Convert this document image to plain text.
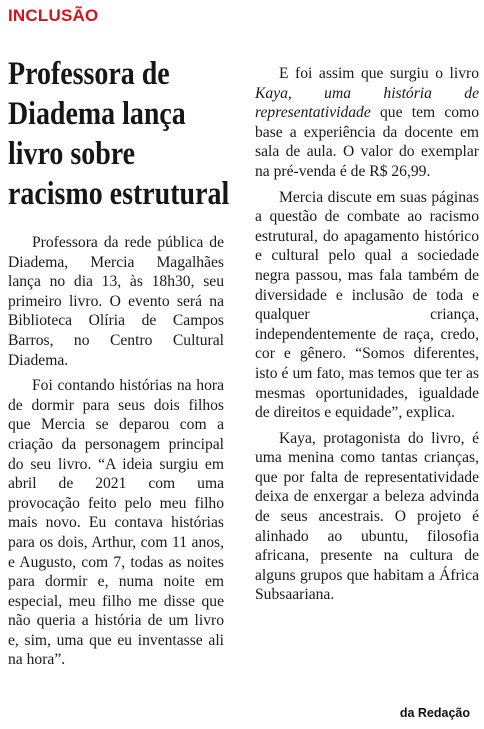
INCLUSÃO
Professora de
Diadema lança
livro sobre
racismo estrutural

Professora da rede pública de Diadema, Mercia Magalhães lança no dia 13, às 18h30, seu primeiro livro. O evento será na Biblioteca Olíria de Campos Barros, no Centro Cultural Diadema.

Foi contando histórias na hora de dormir para seus dois filhos que Mercia se deparou com a criação da personagem principal do seu livro. “A ideia surgiu em abril de 2021 com uma provocação feito pelo meu filho mais novo. Eu contava histórias para os dois, Arthur, com 11 anos, e Augusto, com 7, todas as noites para dormir e, numa noite em especial, meu filho me disse que não queria a história de um livro e, sim, uma que eu inventasse ali na hora”.

E foi assim que surgiu o livro Kaya, uma história de representatividade que tem como base a experiência da docente em sala de aula. O valor do exemplar na pré-venda é de R$ 26,99.

Mercia discute em suas páginas a questão de combate ao racismo estrutural, do apagamento histórico e cultural pelo qual a sociedade negra passou, mas fala também de diversidade e inclusão de toda e qualquer criança, independentemente de raça, credo, cor e gênero. “Somos diferentes, isto é um fato, mas temos que ter as mesmas oportunidades, igualdade de direitos e equidade”, explica.

Kaya, protagonista do livro, é uma menina como tantas crianças, que por falta de representatividade deixa de enxergar a beleza advinda de seus ancestrais. O projeto é alinhado ao ubuntu, filosofia africana, presente na cultura de alguns grupos que habitam a África Subsaariana.

da Redação
